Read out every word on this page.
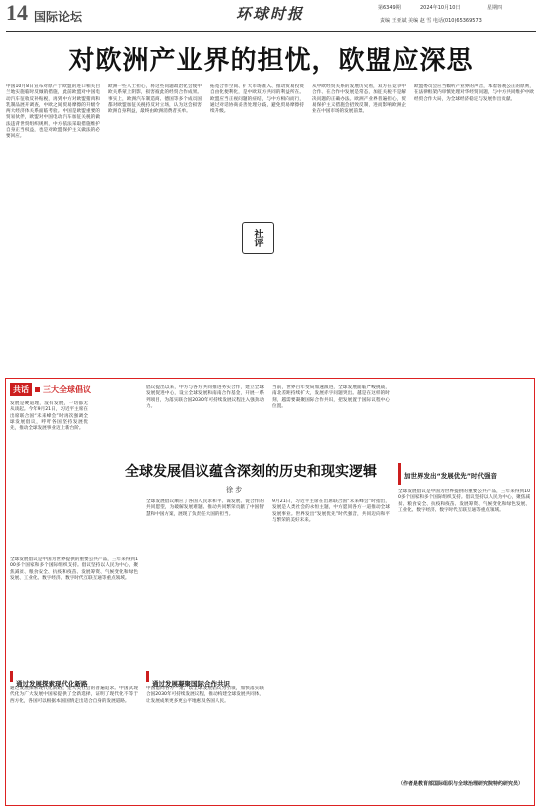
14 国际论坛	环球时报	第6349期	2024年10月10日	星期四
责编 王亚斌 美编 赵 雪 电话(010)65369573
对欧洲产业界的担忧，欧盟应深思
中国10月8日宣布对原产于欧盟的进口相关白兰地实施临时反倾销措施，此前欧盟对中国电动汽车征收反补贴税，再到中方对欧盟猪肉和乳制品展开调查，中欧之间贸易摩擦的升级令两大经济体关系面临考验。中国是欧盟重要的贸易伙伴，欧盟对中国电动汽车加征关税的做法违背世贸组织规则，中方依法采取措施维护自身正当权益，也是对欧盟保护主义做法的必要回应。
欧洲一些人士担心，将这些问题政治化会使中欧关系蒙上阴影，损害彼此的经贸合作成果。事实上，欧洲汽车制造商、德国等多个成员国都对欧盟加征关税持反对立场，认为这会损害欧洲自身利益，最终由欧洲消费者买单。
拓宽合作空间、扩大市场准入、推动贸易投资自由化便利化，是中欧双方共同的利益所在。欧盟应当正视问题的症结，与中方相向而行，通过对话协商妥善处理分歧，避免贸易摩擦持续升级。
从中欧经贸关系的发展历史看，双方在竞争中合作、在合作中发展是常态，加征关税不是解决问题的正确办法。欧洲产业界普遍担心，贸易保护主义措施会招致反制，进而影响欧洲企业在中国市场的发展前景。
欧盟委员会应当倾听产业界的声音，本着客观公正的原则，在法律框架内审慎处理对华经贸问题，与中方共同维护中欧经贸合作大局，为全球经济稳定与发展作出贡献。
社评
共话	三大全球倡议
发展是硬道理，没有发展，一切都无从谈起。今年9月21日，习近平主席在出席联合国“未来峰会”时再次强调全球发展倡议，呼吁各国坚持发展优先，推动全球发展事业迈上新台阶。
全球发展倡议是中国为世界提供的重要公共产品，三年来得到100多个国家和多个国际组织支持。倡议坚持以人民为中心，聚焦减贫、粮食安全、抗疫和疫苗、发展筹资、气候变化和绿色发展、工业化、数字经济、数字时代互联互通等重点领域。
通过发展探索现代化新路
通过发展探索现代化新路，是人类社会的普遍追求。中国式现代化为广大发展中国家提供了全新选择，证明了现代化不等于西方化，各国可以根据本国国情走出适合自身的发展道路。
倡议提出以来，中方与各方共同推进务实合作，建立全球发展促进中心，设立全球发展和南南合作基金，开展一系列项目，为落实联合国2030年可持续发展议程注入强劲动力。
当前，世界百年变局加速演进，全球发展面临严峻挑战，南北差距持续扩大，发展赤字问题突出。越是在这样的时刻，越需要凝聚国际合作共识，把发展置于国际议程中心位置。
全球发展倡议蕴含深刻的历史和现实逻辑
徐 步
全球发展倡议顺应了各国人民求和平、谋发展、促合作的共同愿望，为破解发展难题、推动共同繁荣贡献了中国智慧和中国方案，展现了负责任大国的担当。
通过发展凝聚国际合作共识
中国愿同各方一道，以全球发展倡议为引领，加快落实联合国2030年可持续发展议程，推动构建全球发展共同体，让发展成果更多更公平地惠及各国人民。
9月21日，习近平主席在出席联合国“未来峰会”时指出，发展是人类社会的永恒主题，中方愿同各方一道推动全球发展事业。世界发出“发展优先”时代强音，共同迈向和平与繁荣的美好未来。
加世界发出“发展优先”时代强音
全球发展倡议是中国为世界提供的重要公共产品，三年来得到100多个国家和多个国际组织支持。倡议坚持以人民为中心，聚焦减贫、粮食安全、抗疫和疫苗、发展筹资、气候变化和绿色发展、工业化、数字经济、数字时代互联互通等重点领域。
（作者是教育部国际组织与全球治理研究院特约研究员）
